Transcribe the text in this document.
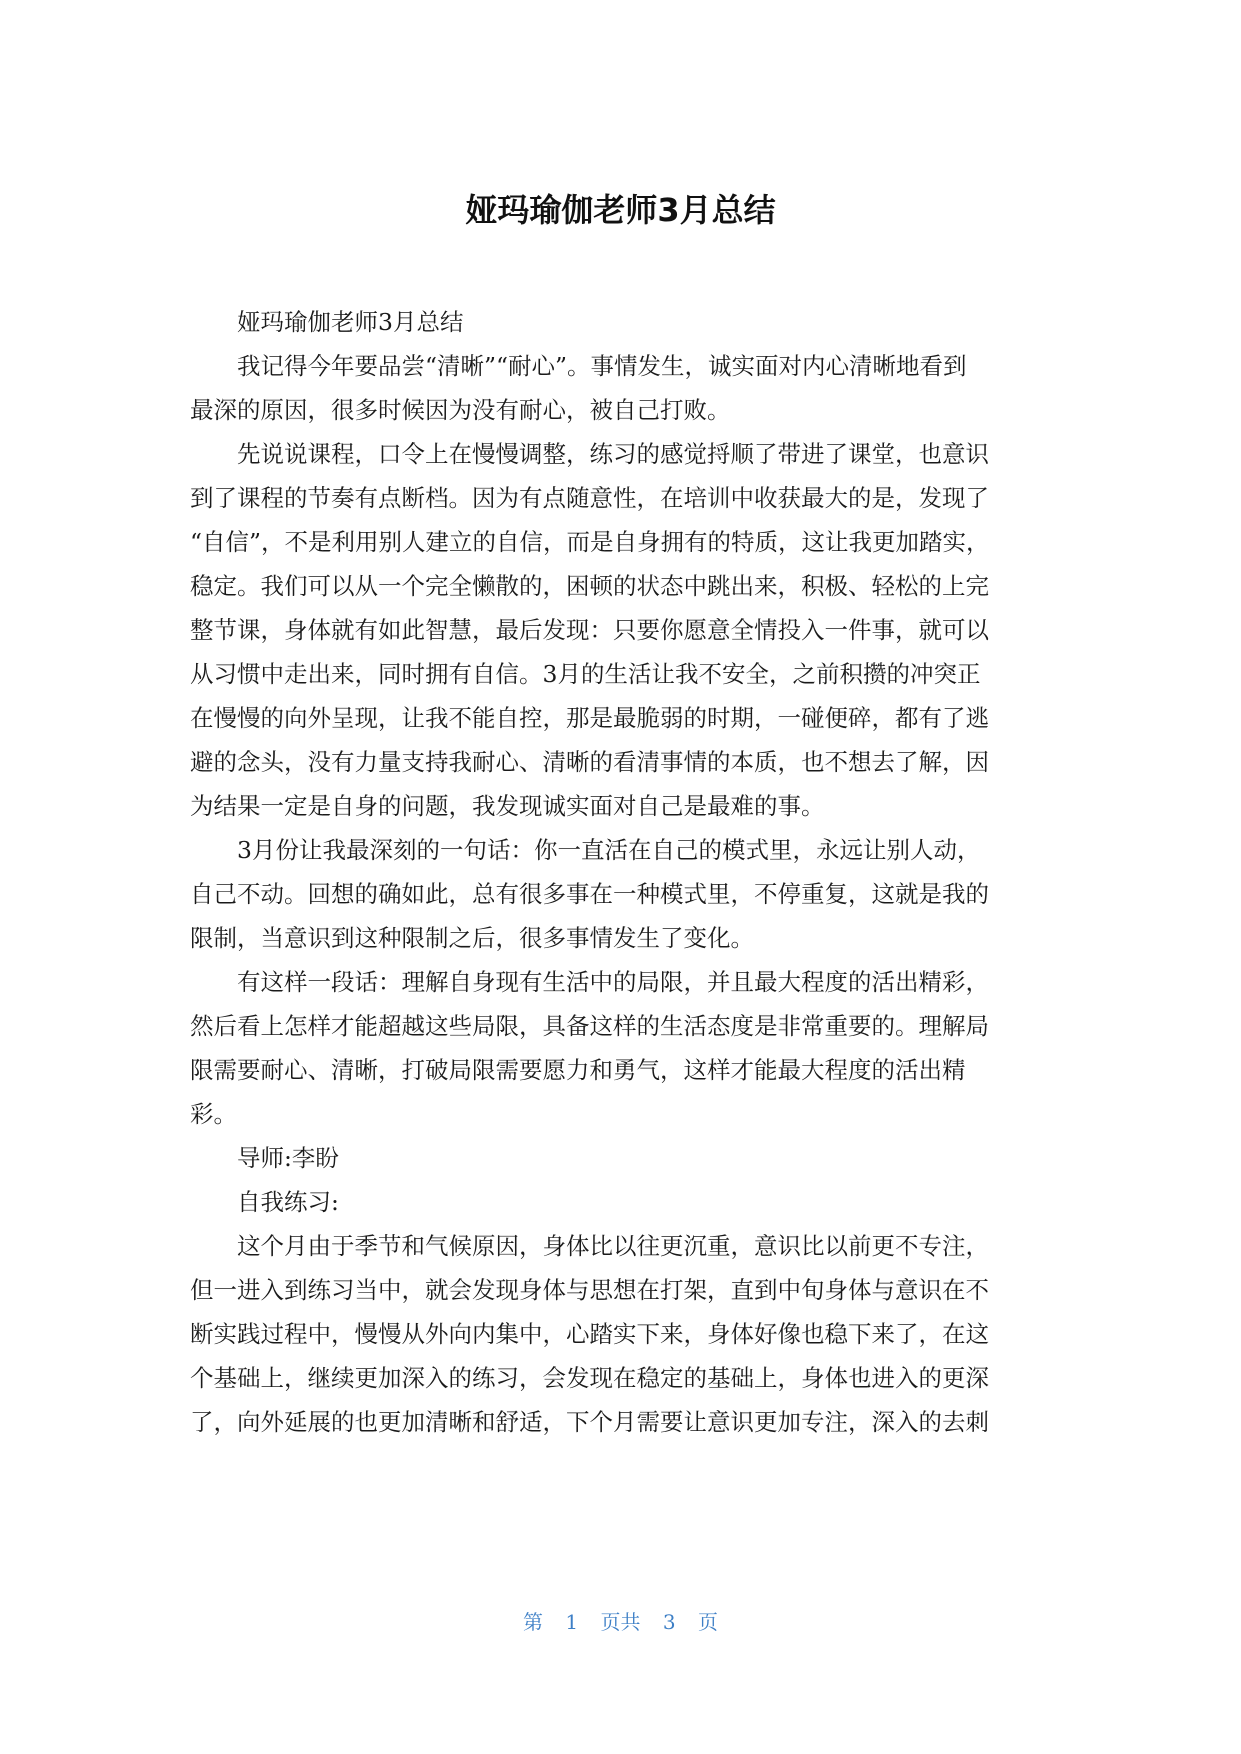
娅玛瑜伽老师3月总结

娅玛瑜伽老师3月总结

我记得今年要品尝“清晰”“耐心”。事情发生，诚实面对内心清晰地看到
最深的原因，很多时候因为没有耐心，被自己打败。

先说说课程，口令上在慢慢调整，练习的感觉捋顺了带进了课堂，也意识
到了课程的节奏有点断档。因为有点随意性，在培训中收获最大的是，发现了
“自信”，不是利用别人建立的自信，而是自身拥有的特质，这让我更加踏实，
稳定。我们可以从一个完全懒散的，困顿的状态中跳出来，积极、轻松的上完
整节课，身体就有如此智慧，最后发现：只要你愿意全情投入一件事，就可以
从习惯中走出来，同时拥有自信。3月的生活让我不安全，之前积攒的冲突正
在慢慢的向外呈现，让我不能自控，那是最脆弱的时期，一碰便碎，都有了逃
避的念头，没有力量支持我耐心、清晰的看清事情的本质，也不想去了解，因
为结果一定是自身的问题，我发现诚实面对自己是最难的事。

3月份让我最深刻的一句话：你一直活在自己的模式里，永远让别人动，
自己不动。回想的确如此，总有很多事在一种模式里，不停重复，这就是我的
限制，当意识到这种限制之后，很多事情发生了变化。

有这样一段话：理解自身现有生活中的局限，并且最大程度的活出精彩，
然后看上怎样才能超越这些局限，具备这样的生活态度是非常重要的。理解局
限需要耐心、清晰，打破局限需要愿力和勇气，这样才能最大程度的活出精
彩。

导师:李盼

自我练习:

这个月由于季节和气候原因，身体比以往更沉重，意识比以前更不专注，
但一进入到练习当中，就会发现身体与思想在打架，直到中旬身体与意识在不
断实践过程中，慢慢从外向内集中，心踏实下来，身体好像也稳下来了，在这
个基础上，继续更加深入的练习，会发现在稳定的基础上，身体也进入的更深
了，向外延展的也更加清晰和舒适，下个月需要让意识更加专注，深入的去刺

第 1 页共 3 页
